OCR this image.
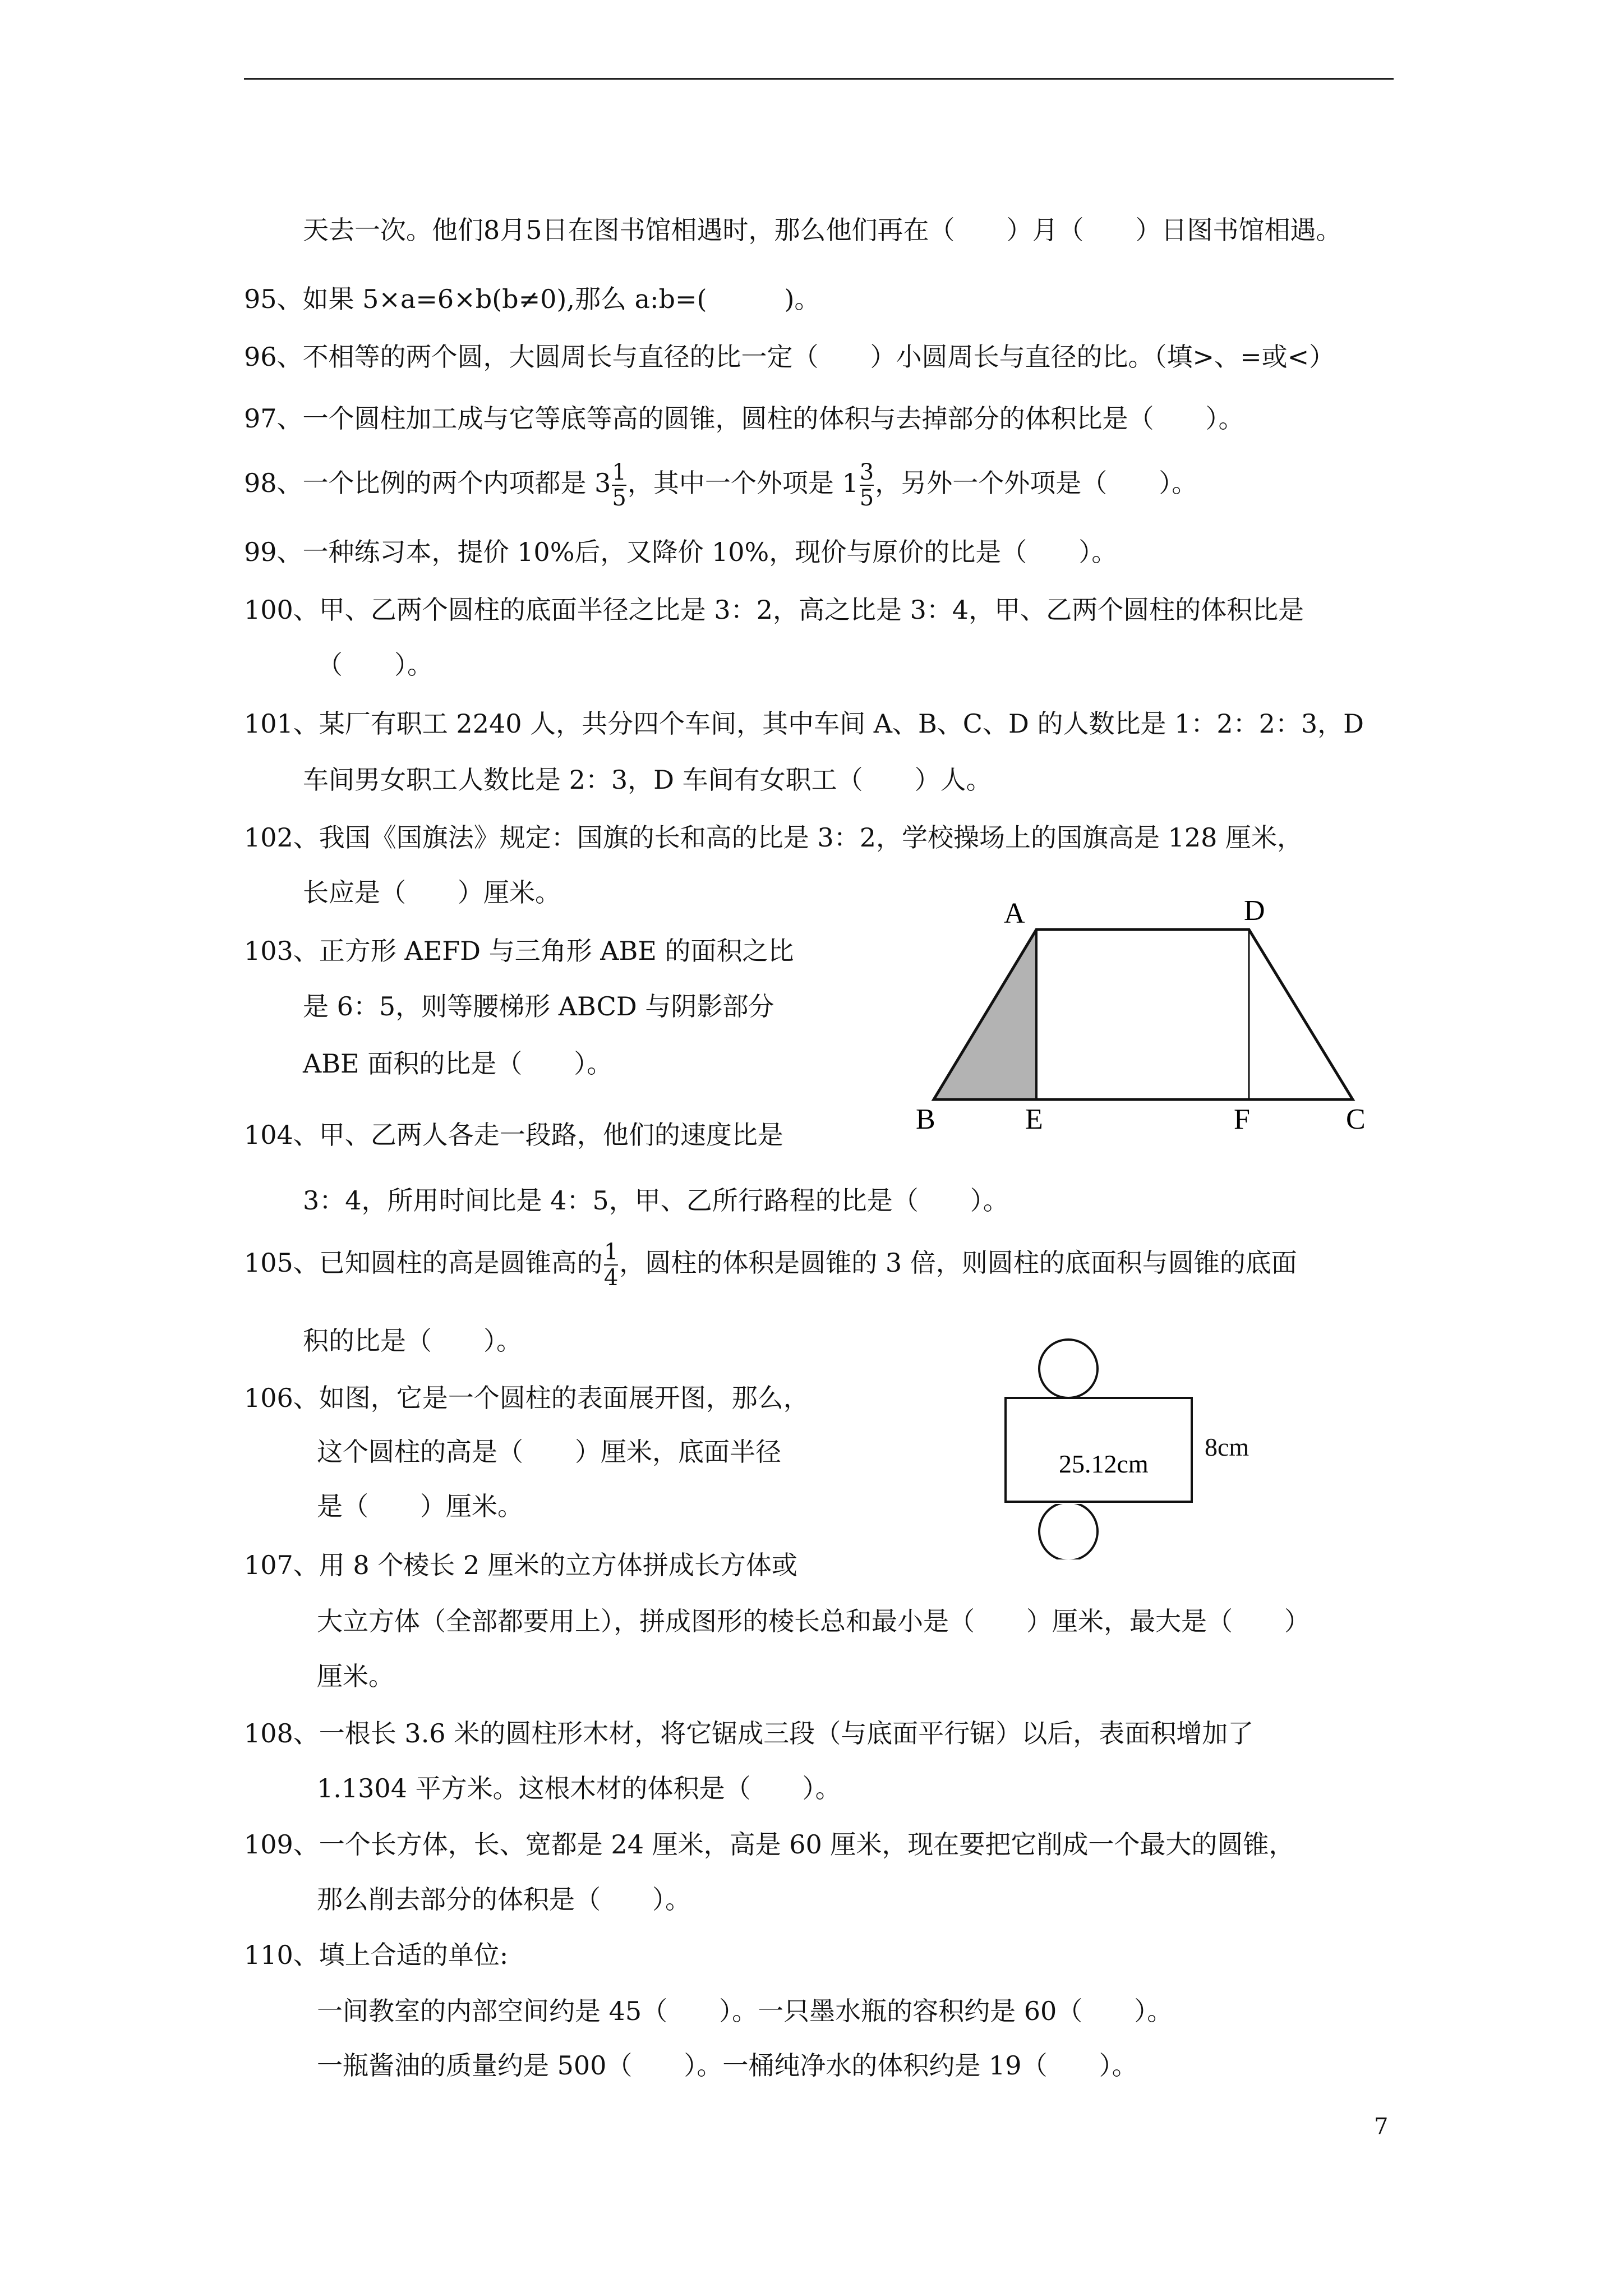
天去一次。他们8月5日在图书馆相遇时，那么他们再在（　　）月（　　）日图书馆相遇。
95、如果 5×a=6×b(b≠0),那么 a:b=(　　　)。
96、不相等的两个圆，大圆周长与直径的比一定（　　）小圆周长与直径的比。（填>、=或<）
97、一个圆柱加工成与它等底等高的圆锥，圆柱的体积与去掉部分的体积比是（　　）。
98、一个比例的两个内项都是 $3 \frac{1}{5}$ ，其中一个外项是 $1 \frac{3}{5}$ ，另外一个外项是（　　）。
99、一种练习本，提价 10%后，又降价 10%，现价与原价的比是（　　）。
100、甲、乙两个圆柱的底面半径之比是 3：2，高之比是 3：4，甲、乙两个圆柱的体积比是
（　　）。
101、某厂有职工 2240 人，共分四个车间，其中车间 A、B、C、D 的人数比是 1：2：2：3，D
车间男女职工人数比是 2：3，D 车间有女职工（　　）人。
102、我国《国旗法》规定：国旗的长和高的比是 3：2，学校操场上的国旗高是 128 厘米，
长应是（　　）厘米。
103、正方形 AEFD 与三角形 ABE 的面积之比
是 6：5，则等腰梯形 ABCD 与阴影部分
ABE 面积的比是（　　）。
A	D
B	E	F	C
104、甲、乙两人各走一段路，他们的速度比是
3：4，所用时间比是 4：5，甲、乙所行路程的比是（　　）。
105、已知圆柱的高是圆锥高的 $\frac{1}{4}$ ，圆柱的体积是圆锥的 3 倍，则圆柱的底面积与圆锥的底面
积的比是（　　）。
106、如图，它是一个圆柱的表面展开图，那么，
这个圆柱的高是（　　）厘米，底面半径
是（　　）厘米。
25.12cm
8cm
107、用 8 个棱长 2 厘米的立方体拼成长方体或
大立方体（全部都要用上），拼成图形的棱长总和最小是（　　）厘米，最大是（　　）
厘米。
108、一根长 3.6 米的圆柱形木材，将它锯成三段（与底面平行锯）以后，表面积增加了
1.1304 平方米。这根木材的体积是（　　）。
109、一个长方体，长、宽都是 24 厘米，高是 60 厘米，现在要把它削成一个最大的圆锥，
那么削去部分的体积是（　　）。
110、填上合适的单位:
一间教室的内部空间约是 45（　　）。一只墨水瓶的容积约是 60（　　）。
一瓶酱油的质量约是 500（　　）。一桶纯净水的体积约是 19（　　）。
7
